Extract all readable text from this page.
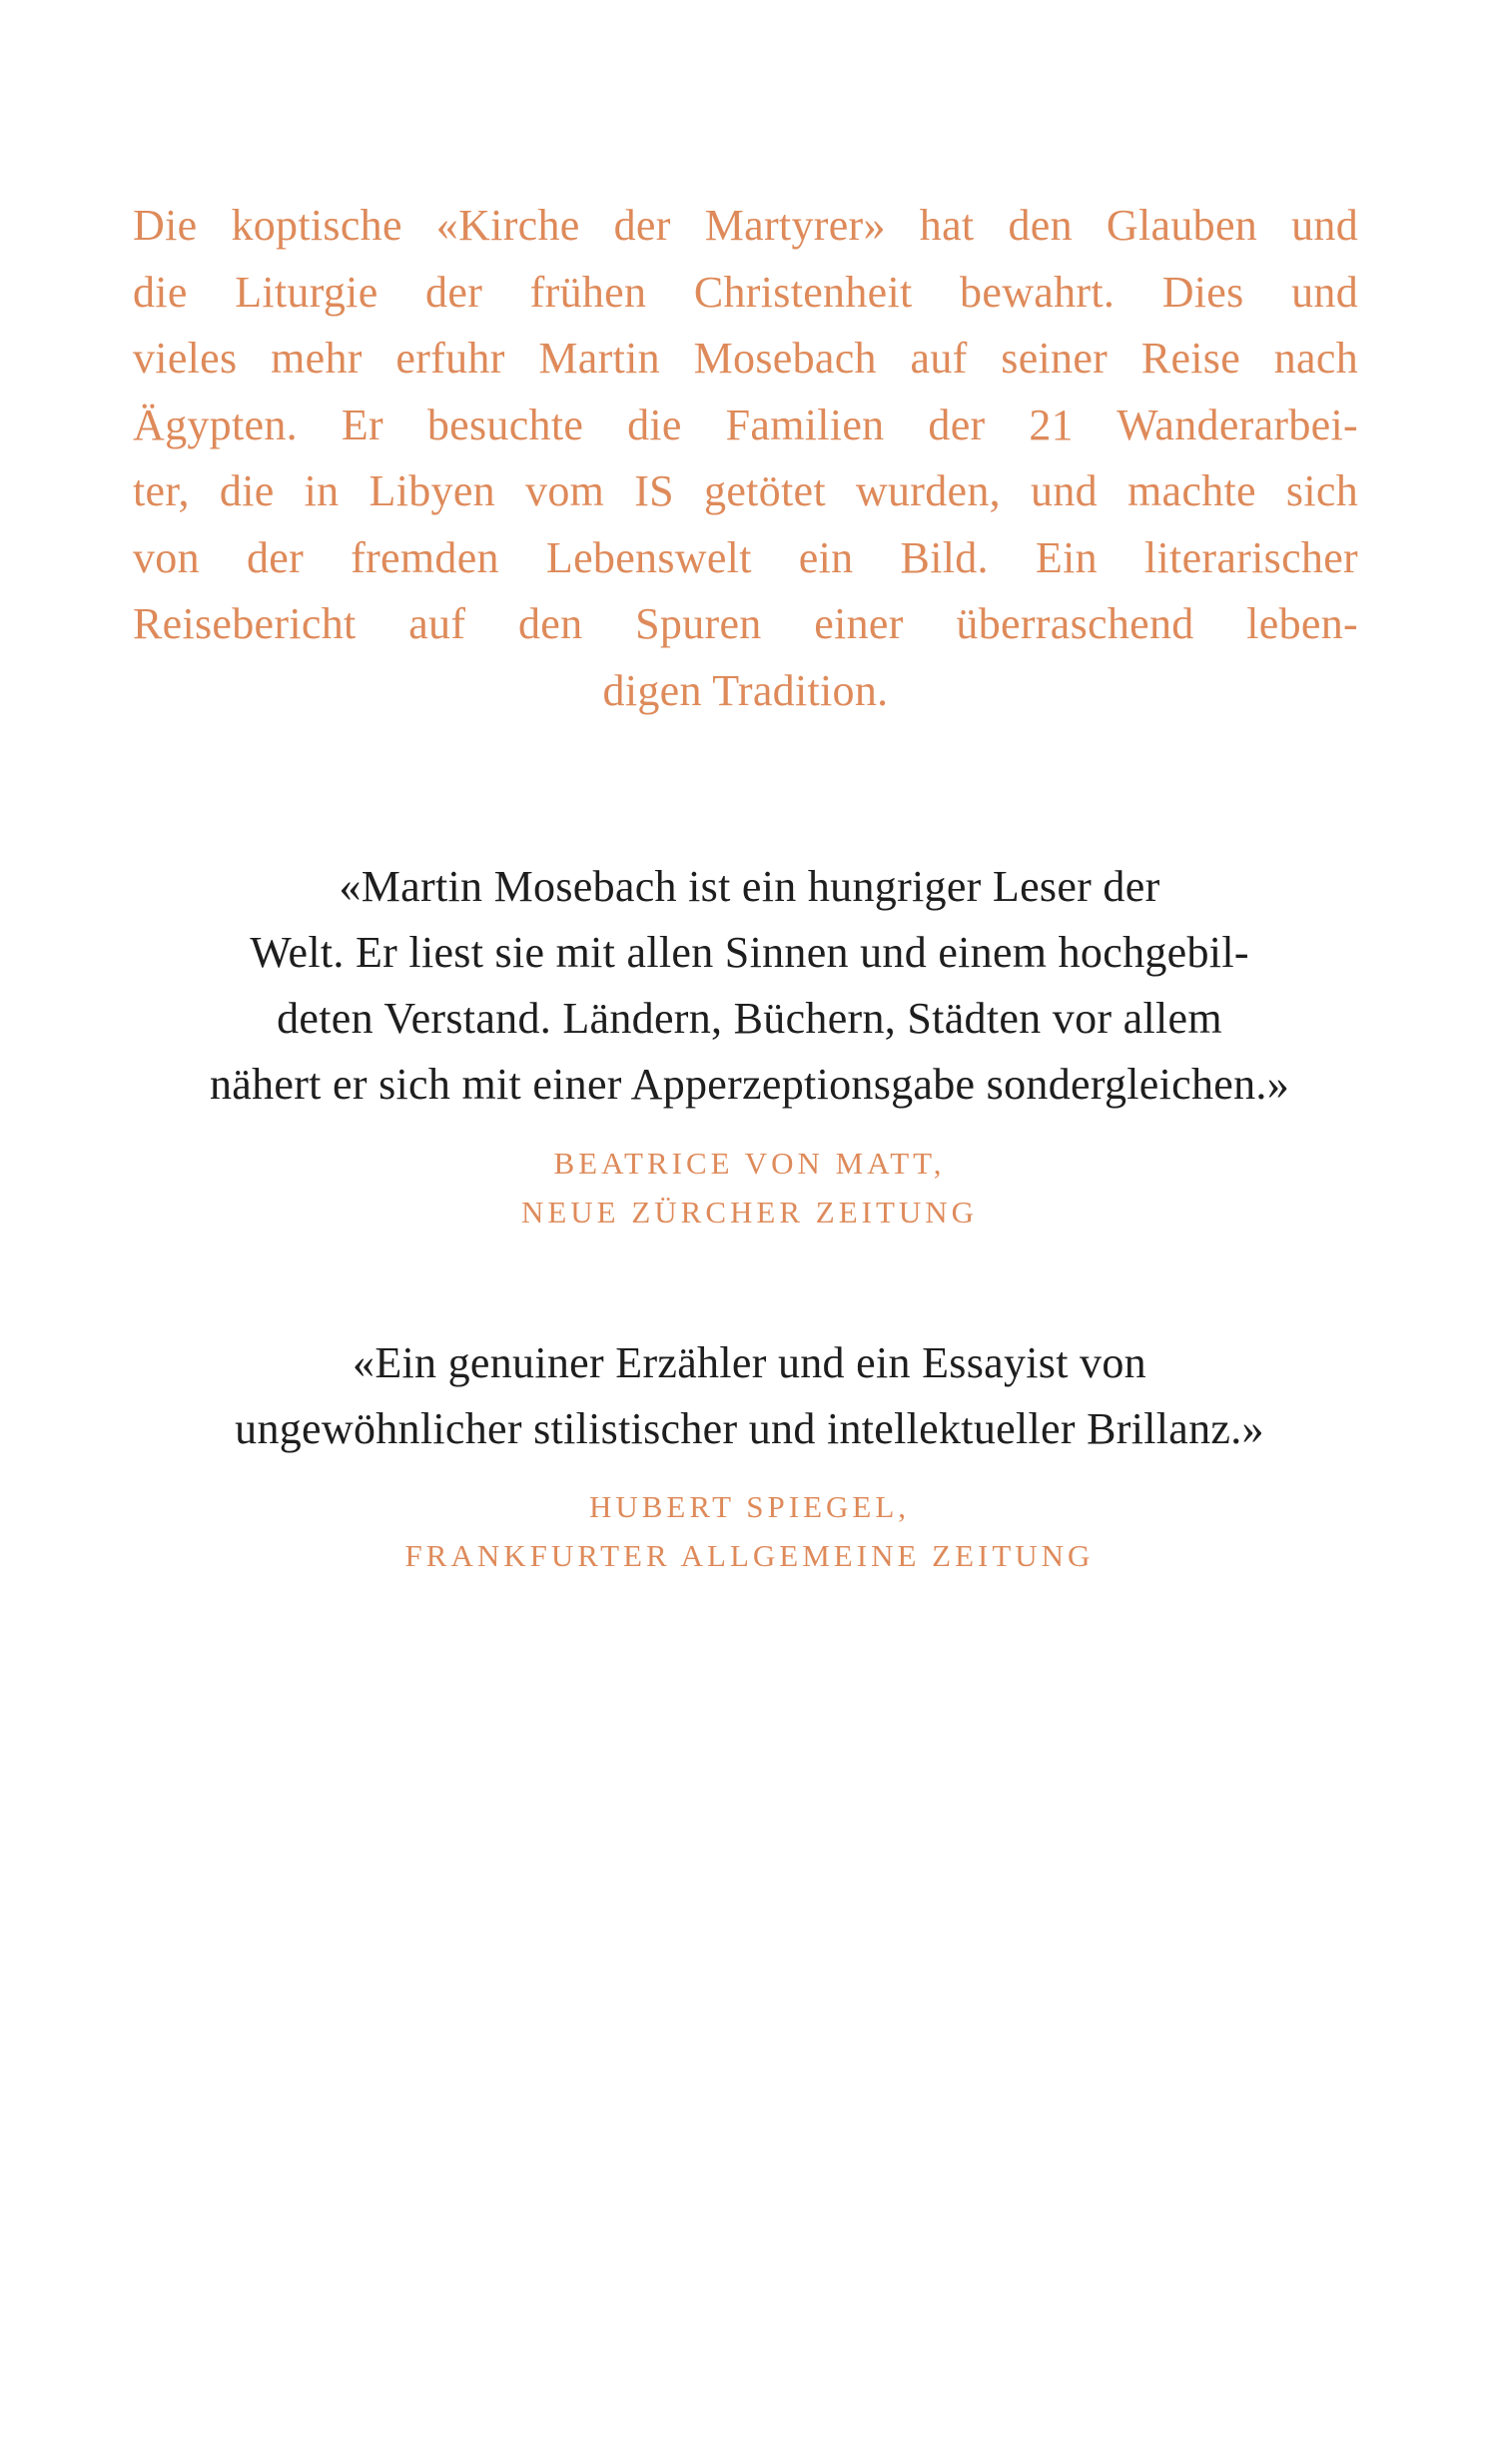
Die koptische «Kirche der Martyrer» hat den Glauben und
die Liturgie der frühen Christenheit bewahrt. Dies und
vieles mehr erfuhr Martin Mosebach auf seiner Reise nach
Ägypten. Er besuchte die Familien der 21 Wanderarbei-
ter, die in Libyen vom IS getötet wurden, und machte sich
von der fremden Lebenswelt ein Bild. Ein literarischer
Reisebericht auf den Spuren einer überraschend leben-
digen Tradition.
«Martin Mosebach ist ein hungriger Leser der
Welt. Er liest sie mit allen Sinnen und einem hochgebil-
deten Verstand. Ländern, Büchern, Städten vor allem
nähert er sich mit einer Apperzeptionsgabe sondergleichen.»
BEATRICE VON MATT,
NEUE ZÜRCHER ZEITUNG
«Ein genuiner Erzähler und ein Essayist von
ungewöhnlicher stilistischer und intellektueller Brillanz.»
HUBERT SPIEGEL,
FRANKFURTER ALLGEMEINE ZEITUNG
